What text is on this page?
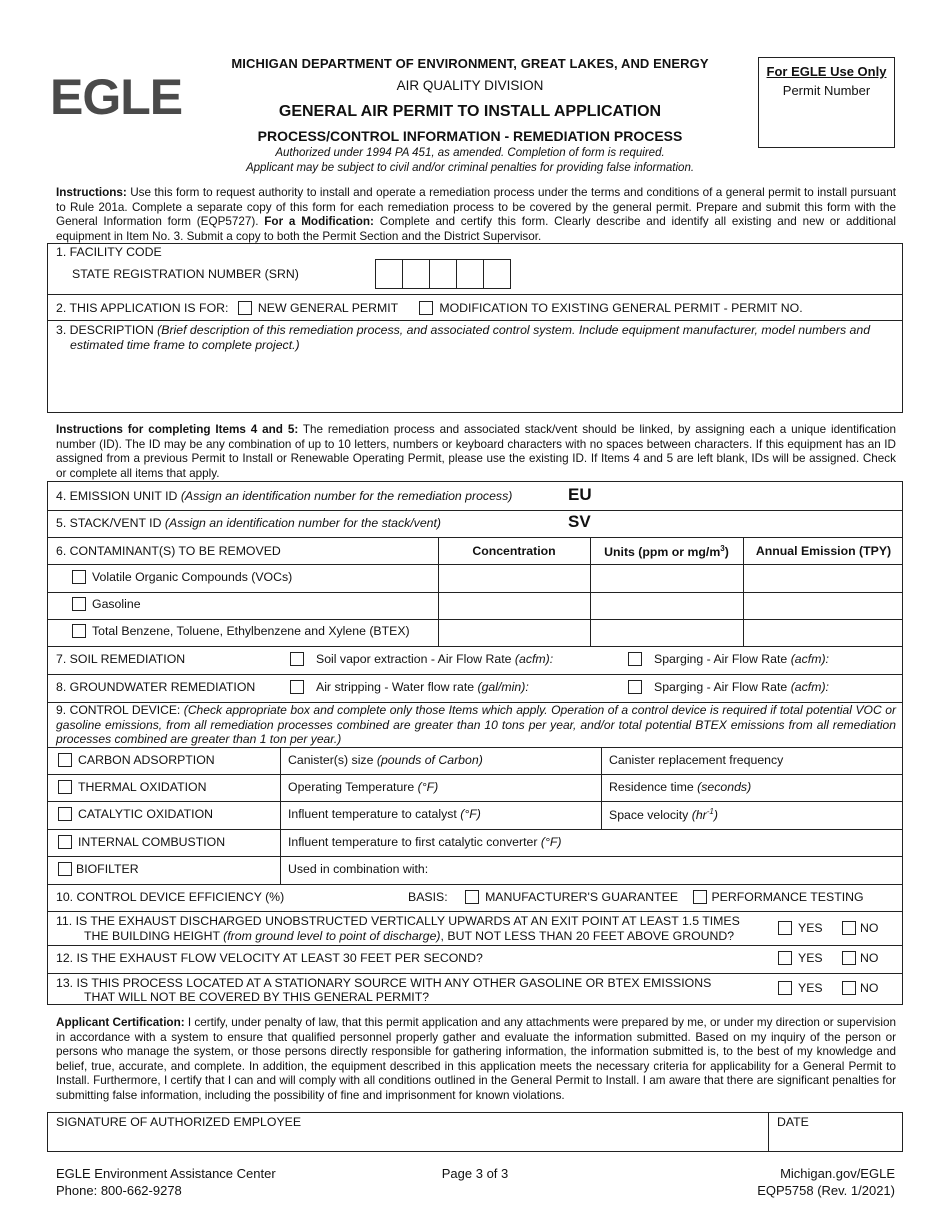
EGLE
MICHIGAN DEPARTMENT OF ENVIRONMENT, GREAT LAKES, AND ENERGY
AIR QUALITY DIVISION
GENERAL AIR PERMIT TO INSTALL APPLICATION
PROCESS/CONTROL INFORMATION - REMEDIATION PROCESS
Authorized under 1994 PA 451, as amended. Completion of form is required.
Applicant may be subject to civil and/or criminal penalties for providing false information.
For EGLE Use Only
Permit Number
Instructions: Use this form to request authority to install and operate a remediation process under the terms and conditions of a general permit to install pursuant to Rule 201a. Complete a separate copy of this form for each remediation process to be covered by the general permit. Prepare and submit this form with the General Information form (EQP5727). For a Modification: Complete and certify this form. Clearly describe and identify all existing and new or additional equipment in Item No. 3. Submit a copy to both the Permit Section and the District Supervisor.
1. FACILITY CODE
STATE REGISTRATION NUMBER (SRN)
2. THIS APPLICATION IS FOR: NEW GENERAL PERMIT	MODIFICATION TO EXISTING GENERAL PERMIT - PERMIT NO.
3. DESCRIPTION (Brief description of this remediation process, and associated control system. Include equipment manufacturer, model numbers and
estimated time frame to complete project.)
Instructions for completing Items 4 and 5: The remediation process and associated stack/vent should be linked, by assigning each a unique identification number (ID). The ID may be any combination of up to 10 letters, numbers or keyboard characters with no spaces between characters. If this equipment has an ID assigned from a previous Permit to Install or Renewable Operating Permit, please use the existing ID. If Items 4 and 5 are left blank, IDs will be assigned. Check or complete all items that apply.
4. EMISSION UNIT ID (Assign an identification number for the remediation process)	EU
5. STACK/VENT ID (Assign an identification number for the stack/vent)	SV
6. CONTAMINANT(S) TO BE REMOVED	Concentration	Units (ppm or $mg/m^3$)	Annual Emission (TPY)
Volatile Organic Compounds (VOCs)
Gasoline
Total Benzene, Toluene, Ethylbenzene and Xylene (BTEX)
7. SOIL REMEDIATION	Soil vapor extraction - Air Flow Rate (acfm):	Sparging - Air Flow Rate (acfm):
8. GROUNDWATER REMEDIATION	Air stripping - Water flow rate (gal/min):	Sparging - Air Flow Rate (acfm):
9. CONTROL DEVICE: (Check appropriate box and complete only those Items which apply. Operation of a control device is required if total potential VOC or gasoline emissions, from all remediation processes combined are greater than 10 tons per year, and/or total potential BTEX emissions from all remediation processes combined are greater than 1 ton per year.)
CARBON ADSORPTION	Canister(s) size (pounds of Carbon)	Canister replacement frequency
THERMAL OXIDATION	Operating Temperature (°F)	Residence time (seconds)
CATALYTIC OXIDATION	Influent temperature to catalyst (°F)	Space velocity $(hr^{-1})$
INTERNAL COMBUSTION	Influent temperature to first catalytic converter (°F)
BIOFILTER	Used in combination with:
10. CONTROL DEVICE EFFICIENCY (%)	BASIS:	MANUFACTURER'S GUARANTEE	PERFORMANCE TESTING
11. IS THE EXHAUST DISCHARGED UNOBSTRUCTED VERTICALLY UPWARDS AT AN EXIT POINT AT LEAST 1.5 TIMES
THE BUILDING HEIGHT (from ground level to point of discharge), BUT NOT LESS THAN 20 FEET ABOVE GROUND?
YES	NO
12. IS THE EXHAUST FLOW VELOCITY AT LEAST 30 FEET PER SECOND?	YES	NO
13. IS THIS PROCESS LOCATED AT A STATIONARY SOURCE WITH ANY OTHER GASOLINE OR BTEX EMISSIONS
THAT WILL NOT BE COVERED BY THIS GENERAL PERMIT?
YES	NO
Applicant Certification: I certify, under penalty of law, that this permit application and any attachments were prepared by me, or under my direction or supervision in accordance with a system to ensure that qualified personnel properly gather and evaluate the information submitted. Based on my inquiry of the person or persons who manage the system, or those persons directly responsible for gathering information, the information submitted is, to the best of my knowledge and belief, true, accurate, and complete. In addition, the equipment described in this application meets the necessary criteria for applicability for a General Permit to Install. Furthermore, I certify that I can and will comply with all conditions outlined in the General Permit to Install. I am aware that there are significant penalties for submitting false information, including the possibility of fine and imprisonment for known violations.
SIGNATURE OF AUTHORIZED EMPLOYEE	DATE
EGLE Environment Assistance Center
Phone: 800-662-9278
Page 3 of 3	Michigan.gov/EGLE
EQP5758 (Rev. 1/2021)
